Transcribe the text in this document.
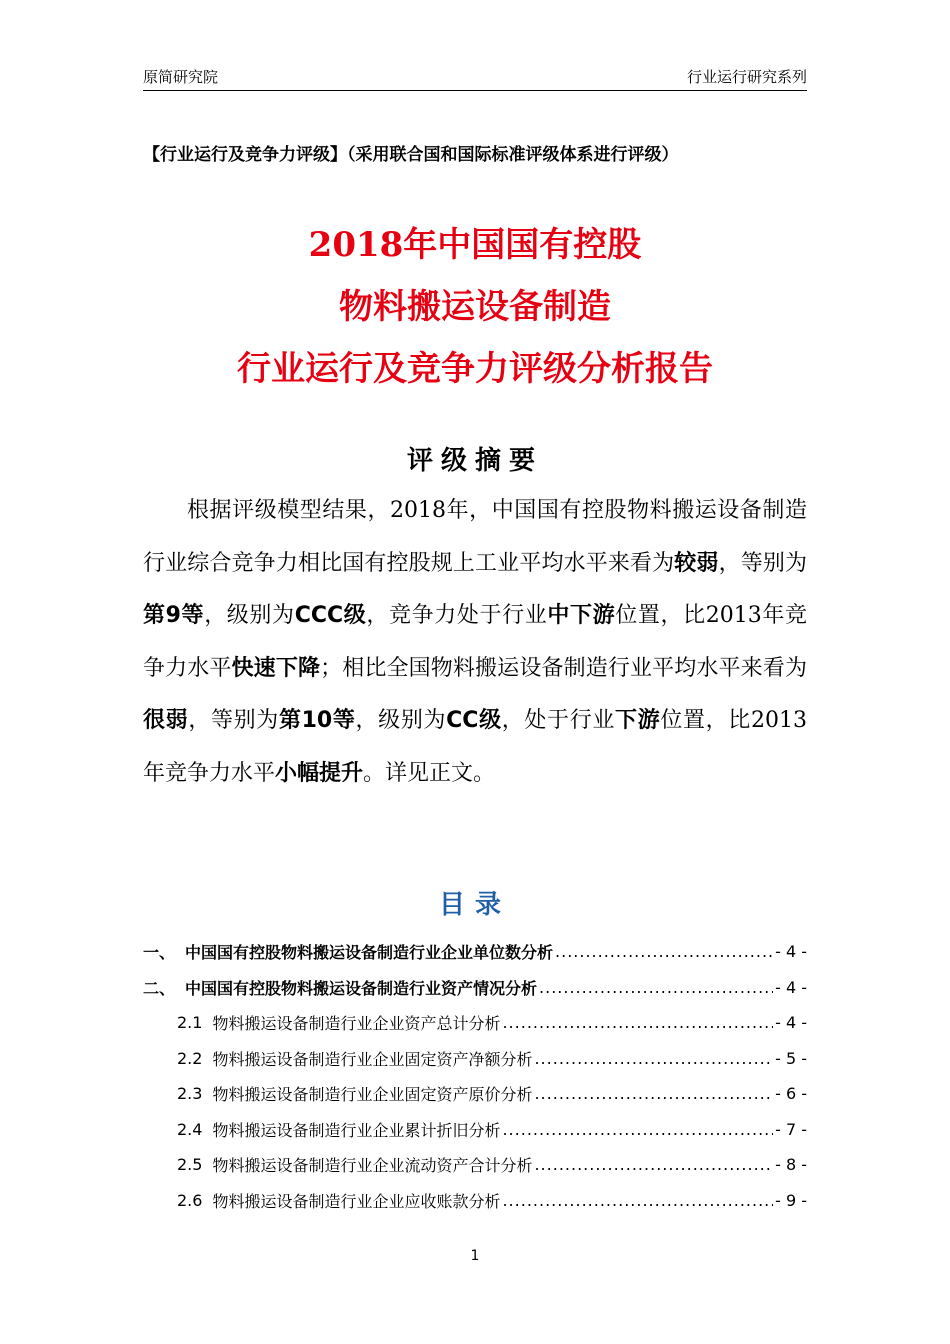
原简研究院	行业运行研究系列
【行业运行及竞争力评级】（采用联合国和国际标准评级体系进行评级）
2018年中国国有控股
物料搬运设备制造
行业运行及竞争力评级分析报告
评级摘要

根据评级模型结果，2018年，中国国有控股物料搬运设备制造行业综合竞争力相比国有控股规上工业平均水平来看为较弱，等别为第9等，级别为CCC级，竞争力处于行业中下游位置，比2013年竞争力水平快速下降；相比全国物料搬运设备制造行业平均水平来看为很弱，等别为第10等，级别为CC级，处于行业下游位置，比2013年竞争力水平小幅提升。详见正文。

目录
一、 中国国有控股物料搬运设备制造行业企业单位数分析 .....	- 4 -
二、 中国国有控股物料搬运设备制造行业资产情况分析 .....	- 4 -
2.1 物料搬运设备制造行业企业资产总计分析 .....	- 4 -
2.2 物料搬运设备制造行业企业固定资产净额分析 .....	- 5 -
2.3 物料搬运设备制造行业企业固定资产原价分析 .....	- 6 -
2.4 物料搬运设备制造行业企业累计折旧分析 .....	- 7 -
2.5 物料搬运设备制造行业企业流动资产合计分析 .....	- 8 -
2.6 物料搬运设备制造行业企业应收账款分析 .....	- 9 -
1
